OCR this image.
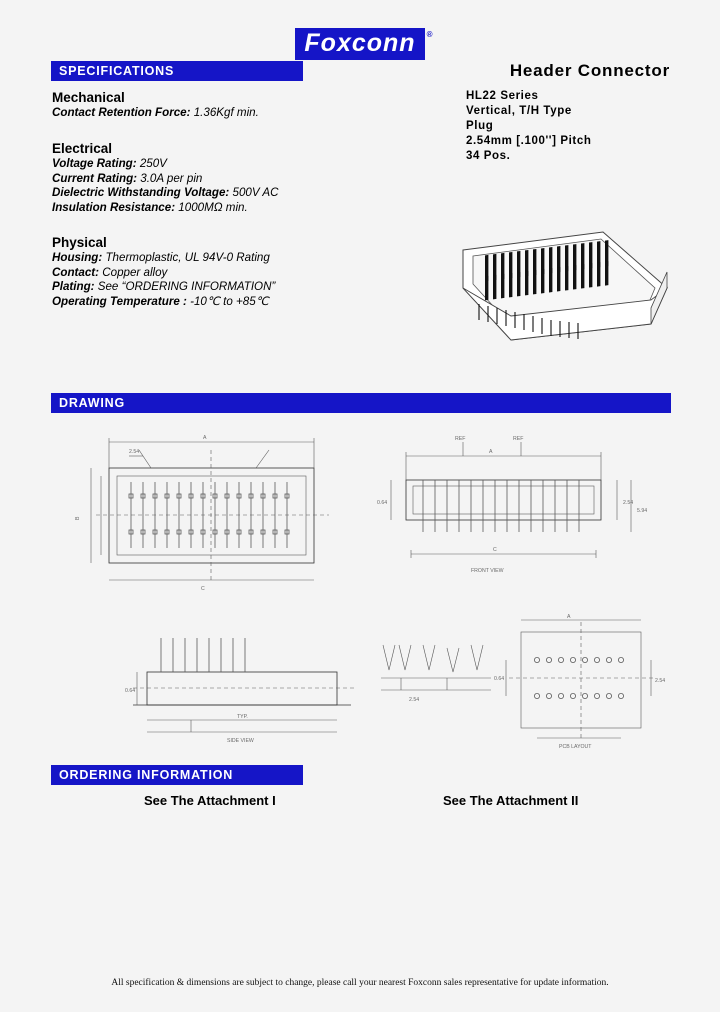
Foxconn ®
SPECIFICATIONS
Mechanical
Contact Retention Force: 1.36Kgf min.
Electrical
Voltage Rating: 250V
Current Rating: 3.0A per pin
Dielectric Withstanding Voltage: 500V AC
Insulation Resistance: 1000MΩ min.
Physical
Housing: Thermoplastic, UL 94V-0 Rating
Contact: Copper alloy
Plating: See “ORDERING INFORMATION”
Operating Temperature : -10℃ to +85℃
Header Connector
HL22 Series
Vertical, T/H Type
Plug
2.54mm [.100''] Pitch
34 Pos.
DRAWING
A
2.54
B
C
A
REF	REF
2.54
5.94
0.64
C
FRONT VIEW
TYP.
SIDE VIEW
0.64
2.54
A
2.54
PCB LAYOUT
0.64
ORDERING INFORMATION
See The Attachment I	See The Attachment II
All specification & dimensions are subject to change, please call your nearest Foxconn sales representative for update information.
